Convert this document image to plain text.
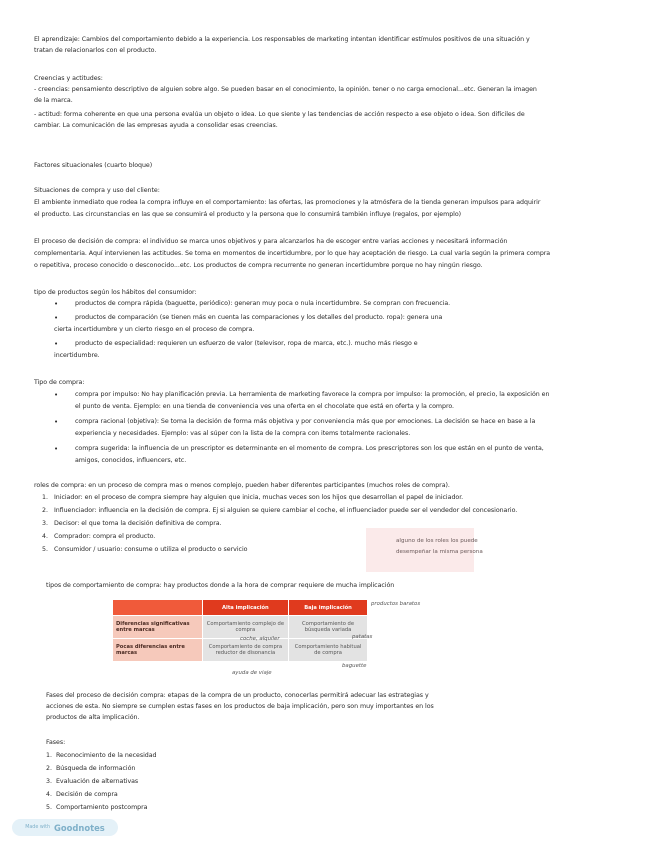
El aprendizaje: Cambios del comportamiento debido a la experiencia. Los responsables de marketing intentan identificar estímulos positivos de una situación y
tratan de relacionarlos con el producto.
Creencias y actitudes:
- creencias: pensamiento descriptivo de alguien sobre algo. Se pueden basar en el conocimiento, la opinión. tener o no carga emocional...etc. Generan la imagen
de la marca.
- actitud: forma coherente en que una persona evalúa un objeto o idea. Lo que siente y las tendencias de acción respecto a ese objeto o idea. Son difíciles de
cambiar. La comunicación de las empresas ayuda a consolidar esas creencias.
Factores situacionales (cuarto bloque)
Situaciones de compra y uso del cliente:
El ambiente inmediato que rodea la compra influye en el comportamiento: las ofertas, las promociones y la atmósfera de la tienda generan impulsos para adquirir
el producto. Las circunstancias en las que se consumirá el producto y la persona que lo consumirá también influye (regalos, por ejemplo)
El proceso de decisión de compra: el individuo se marca unos objetivos y para alcanzarlos ha de escoger entre varias acciones y necesitará información
complementaria. Aquí intervienen las actitudes. Se toma en momentos de incertidumbre, por lo que hay aceptación de riesgo. La cual varía según la primera compra
o repetitiva, proceso conocido o desconocido...etc. Los productos de compra recurrente no generan incertidumbre porque no hay ningún riesgo.
tipo de productos según los hábitos del consumidor:
•	productos de compra rápida (baguette, periódico): generan muy poca o nula incertidumbre. Se compran con frecuencia.
•	productos de comparación (se tienen más en cuenta las comparaciones y los detalles del producto. ropa): genera una
cierta incertidumbre y un cierto riesgo en el proceso de compra.
•	producto de especialidad: requieren un esfuerzo de valor (televisor, ropa de marca, etc.). mucho más riesgo e
incertidumbre.
Tipo de compra:
•	compra por impulso: No hay planificación previa. La herramienta de marketing favorece la compra por impulso: la promoción, el precio, la exposición en
el punto de venta. Ejemplo: en una tienda de conveniencia ves una oferta en el chocolate que está en oferta y la compro.
•	compra racional (objetiva): Se toma la decisión de forma más objetiva y por conveniencia más que por emociones. La decisión se hace en base a la
experiencia y necesidades. Ejemplo: vas al súper con la lista de la compra con items totalmente racionales.
•	compra sugerida: la influencia de un prescriptor es determinante en el momento de compra. Los prescriptores son los que están en el punto de venta,
amigos, conocidos, influencers, etc.
roles de compra: en un proceso de compra mas o menos complejo, pueden haber diferentes participantes (muchos roles de compra).
1. Iniciador: en el proceso de compra siempre hay alguien que inicia, muchas veces son los hijos que desarrollan el papel de iniciador.
2. Influenciador: influencia en la decisión de compra. Ej si alguien se quiere cambiar el coche, el influenciador puede ser el vendedor del concesionario.
3. Decisor: el que toma la decisión definitiva de compra.
4. Comprador: compra el producto.
5. Consumidor / usuario: consume o utiliza el producto o servicio
alguno de los roles los puede
desempeñar la misma persona
tipos de comportamiento de compra: hay productos donde a la hora de comprar requiere de mucha implicación
	Alta implicación	Baja implicación
Diferencias significativas entre marcas	Comportamiento complejo de compra	Comportamiento de búsqueda variada
Pocas diferencias entre marcas	Comportamiento de compra reductor de disonancia	Comportamiento habitual de compra
productos baratos
coche, alquiler	patatas
baguette
ayuda de viaje
Fases del proceso de decisión compra: etapas de la compra de un producto, conocerlas permitirá adecuar las estrategias y
acciones de esta. No siempre se cumplen estas fases en los productos de baja implicación, pero son muy importantes en los
productos de alta implicación.
Fases:
1. Reconocimiento de la necesidad
2. Búsqueda de información
3. Evaluación de alternativas
4. Decisión de compra
5. Comportamiento postcompra
Made with Goodnotes
